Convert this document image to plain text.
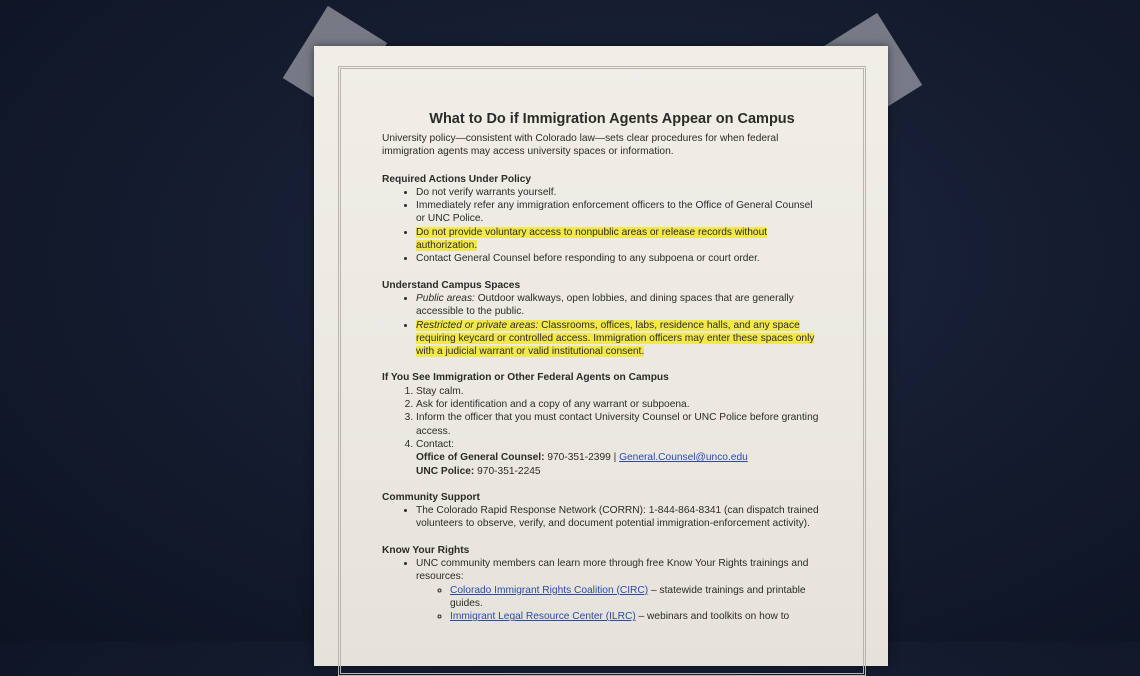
What to Do if Immigration Agents Appear on Campus

University policy—consistent with Colorado law—sets clear procedures for when federal immigration agents may access university spaces or information.

Required Actions Under Policy
• Do not verify warrants yourself.
• Immediately refer any immigration enforcement officers to the Office of General Counsel or UNC Police.
• Do not provide voluntary access to nonpublic areas or release records without authorization.
• Contact General Counsel before responding to any subpoena or court order.
Understand Campus Spaces
• Public areas: Outdoor walkways, open lobbies, and dining spaces that are generally accessible to the public.
• Restricted or private areas: Classrooms, offices, labs, residence halls, and any space requiring keycard or controlled access. Immigration officers may enter these spaces only with a judicial warrant or valid institutional consent.
If You See Immigration or Other Federal Agents on Campus
1. Stay calm.
2. Ask for identification and a copy of any warrant or subpoena.
3. Inform the officer that you must contact University Counsel or UNC Police before granting access.
4. Contact:
Office of General Counsel: 970-351-2399 | General.Counsel@unco.edu
UNC Police: 970-351-2245
Community Support
• The Colorado Rapid Response Network (CORRN): 1-844-864-8341 (can dispatch trained volunteers to observe, verify, and document potential immigration-enforcement activity).
Know Your Rights
• UNC community members can learn more through free Know Your Rights trainings and resources:
◦ Colorado Immigrant Rights Coalition (CIRC) – statewide trainings and printable guides.
◦ Immigrant Legal Resource Center (ILRC) – webinars and toolkits on how to
